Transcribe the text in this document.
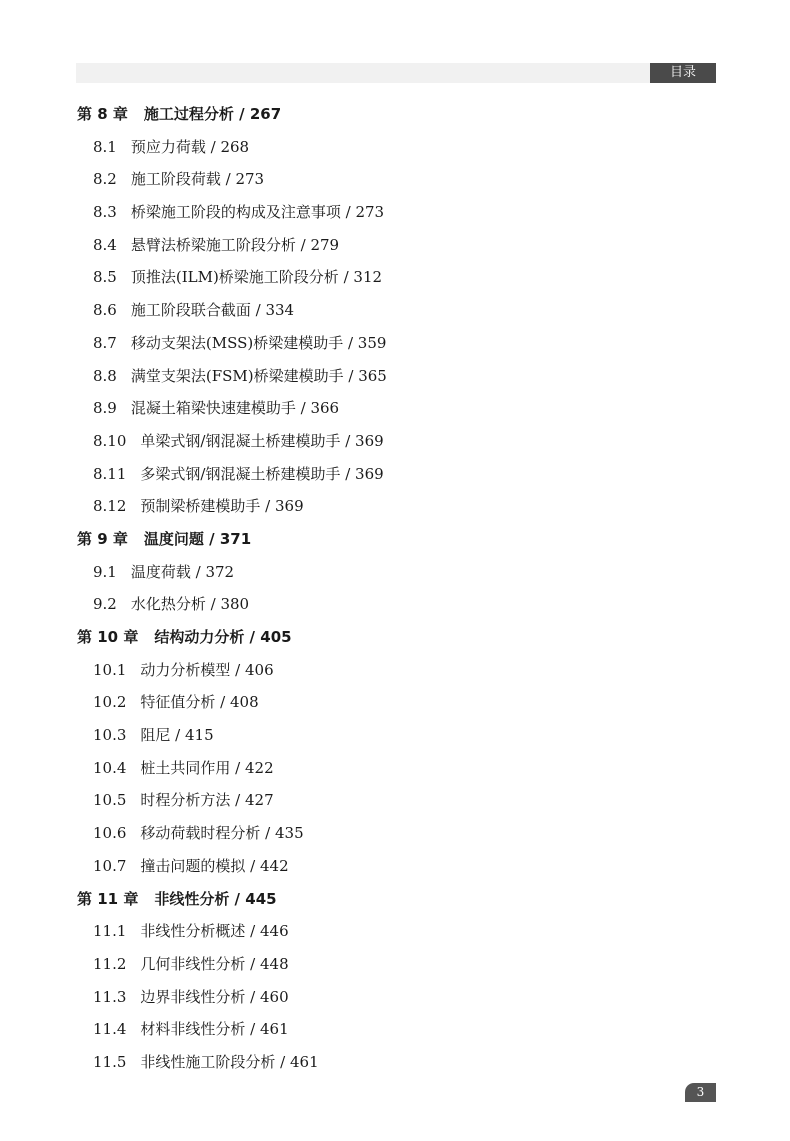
目录
第 8 章 施工过程分析 / 267
8.1 预应力荷载 / 268
8.2 施工阶段荷载 / 273
8.3 桥梁施工阶段的构成及注意事项 / 273
8.4 悬臂法桥梁施工阶段分析 / 279
8.5 顶推法(ILM)桥梁施工阶段分析 / 312
8.6 施工阶段联合截面 / 334
8.7 移动支架法(MSS)桥梁建模助手 / 359
8.8 满堂支架法(FSM)桥梁建模助手 / 365
8.9 混凝土箱梁快速建模助手 / 366
8.10 单梁式钢/钢混凝土桥建模助手 / 369
8.11 多梁式钢/钢混凝土桥建模助手 / 369
8.12 预制梁桥建模助手 / 369
第 9 章 温度问题 / 371
9.1 温度荷载 / 372
9.2 水化热分析 / 380
第 10 章 结构动力分析 / 405
10.1 动力分析模型 / 406
10.2 特征值分析 / 408
10.3 阻尼 / 415
10.4 桩土共同作用 / 422
10.5 时程分析方法 / 427
10.6 移动荷载时程分析 / 435
10.7 撞击问题的模拟 / 442
第 11 章 非线性分析 / 445
11.1 非线性分析概述 / 446
11.2 几何非线性分析 / 448
11.3 边界非线性分析 / 460
11.4 材料非线性分析 / 461
11.5 非线性施工阶段分析 / 461
3
